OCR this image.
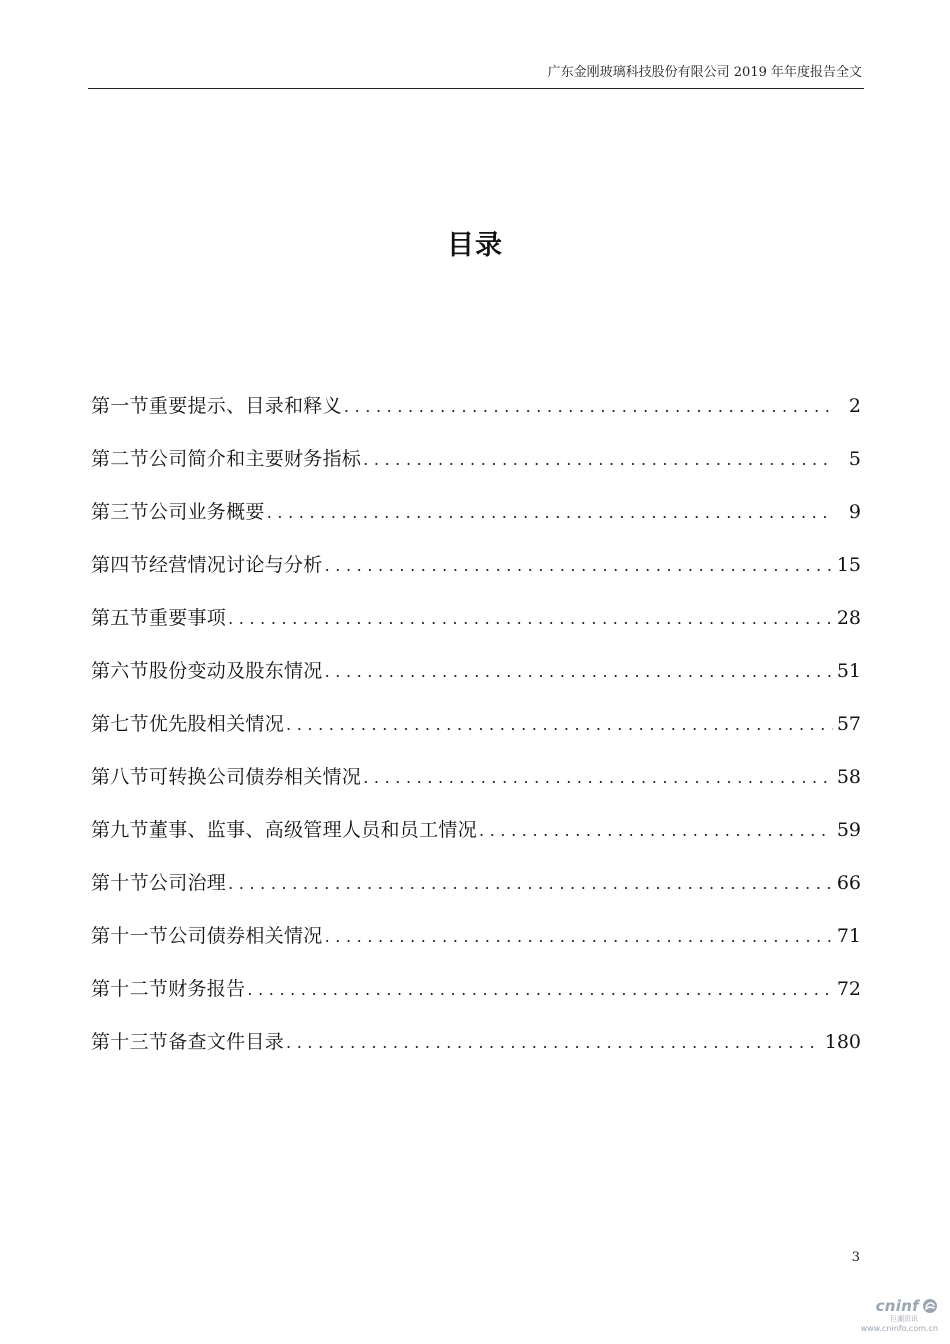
广东金刚玻璃科技股份有限公司 2019 年年度报告全文
目录
第一节重要提示、目录和释义 .....	2
第二节公司简介和主要财务指标 .....	5
第三节公司业务概要 .....	9
第四节经营情况讨论与分析 .....	15
第五节重要事项 .....	28
第六节股份变动及股东情况 .....	51
第七节优先股相关情况 .....	57
第八节可转换公司债券相关情况 .....	58
第九节董事、监事、高级管理人员和员工情况 .....	59
第十节公司治理 .....	66
第十一节公司债券相关情况 .....	71
第十二节财务报告 .....	72
第十三节备查文件目录 .....	180
3
cninf
巨潮资讯
www.cninfo.com.cn
